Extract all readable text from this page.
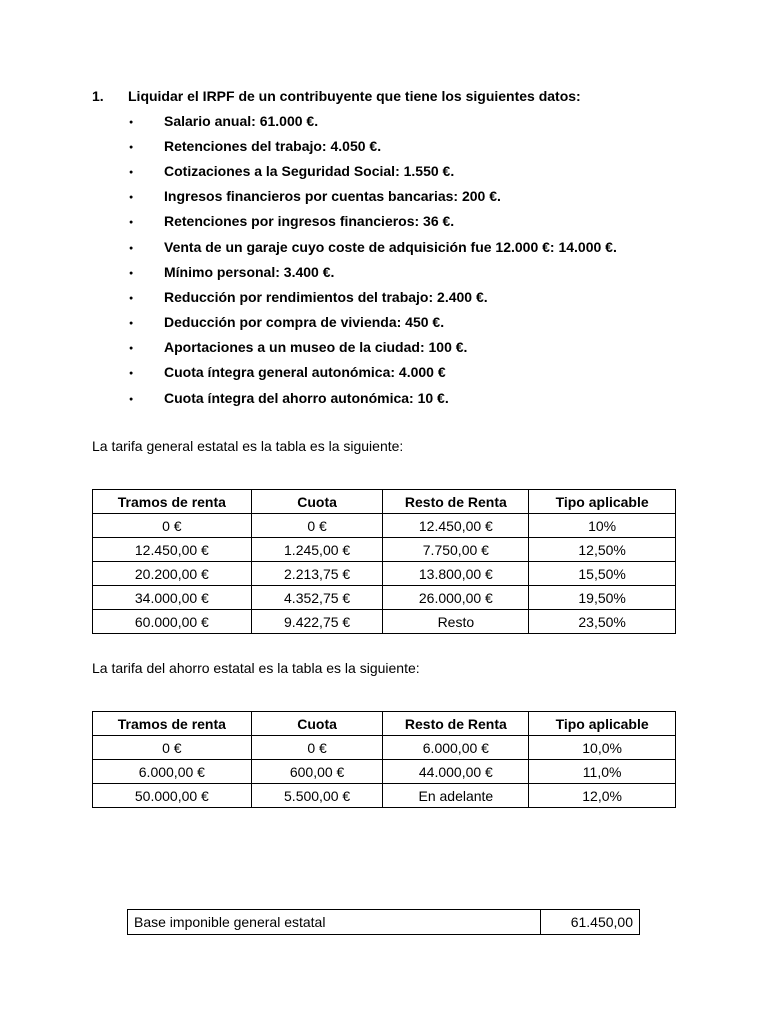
1.	Liquidar el IRPF de un contribuyente que tiene los siguientes datos:
●
Salario anual: 61.000 €.
●
Retenciones del trabajo: 4.050 €.
●
Cotizaciones a la Seguridad Social: 1.550 €.
●
Ingresos financieros por cuentas bancarias: 200 €.
●
Retenciones por ingresos financieros: 36 €.
●
Venta de un garaje cuyo coste de adquisición fue 12.000 €: 14.000 €.
●
Mínimo personal: 3.400 €.
●
Reducción por rendimientos del trabajo: 2.400 €.
●
Deducción por compra de vivienda: 450 €.
●
Aportaciones a un museo de la ciudad: 100 €.
●
Cuota íntegra general autonómica: 4.000 €
●
Cuota íntegra del ahorro autonómica: 10 €.
La tarifa general estatal es la tabla es la siguiente:
Tramos de renta	Cuota	Resto de Renta	Tipo aplicable
0 €	0 €	12.450,00 €	10%
12.450,00 €	1.245,00 €	7.750,00 €	12,50%
20.200,00 €	2.213,75 €	13.800,00 €	15,50%
34.000,00 €	4.352,75 €	26.000,00 €	19,50%
60.000,00 €	9.422,75 €	Resto	23,50%
La tarifa del ahorro estatal es la tabla es la siguiente:
Tramos de renta	Cuota	Resto de Renta	Tipo aplicable
0 €	0 €	6.000,00 €	10,0%
6.000,00 €	600,00 €	44.000,00 €	11,0%
50.000,00 €	5.500,00 €	En adelante	12,0%
Base imponible general estatal	61.450,00
